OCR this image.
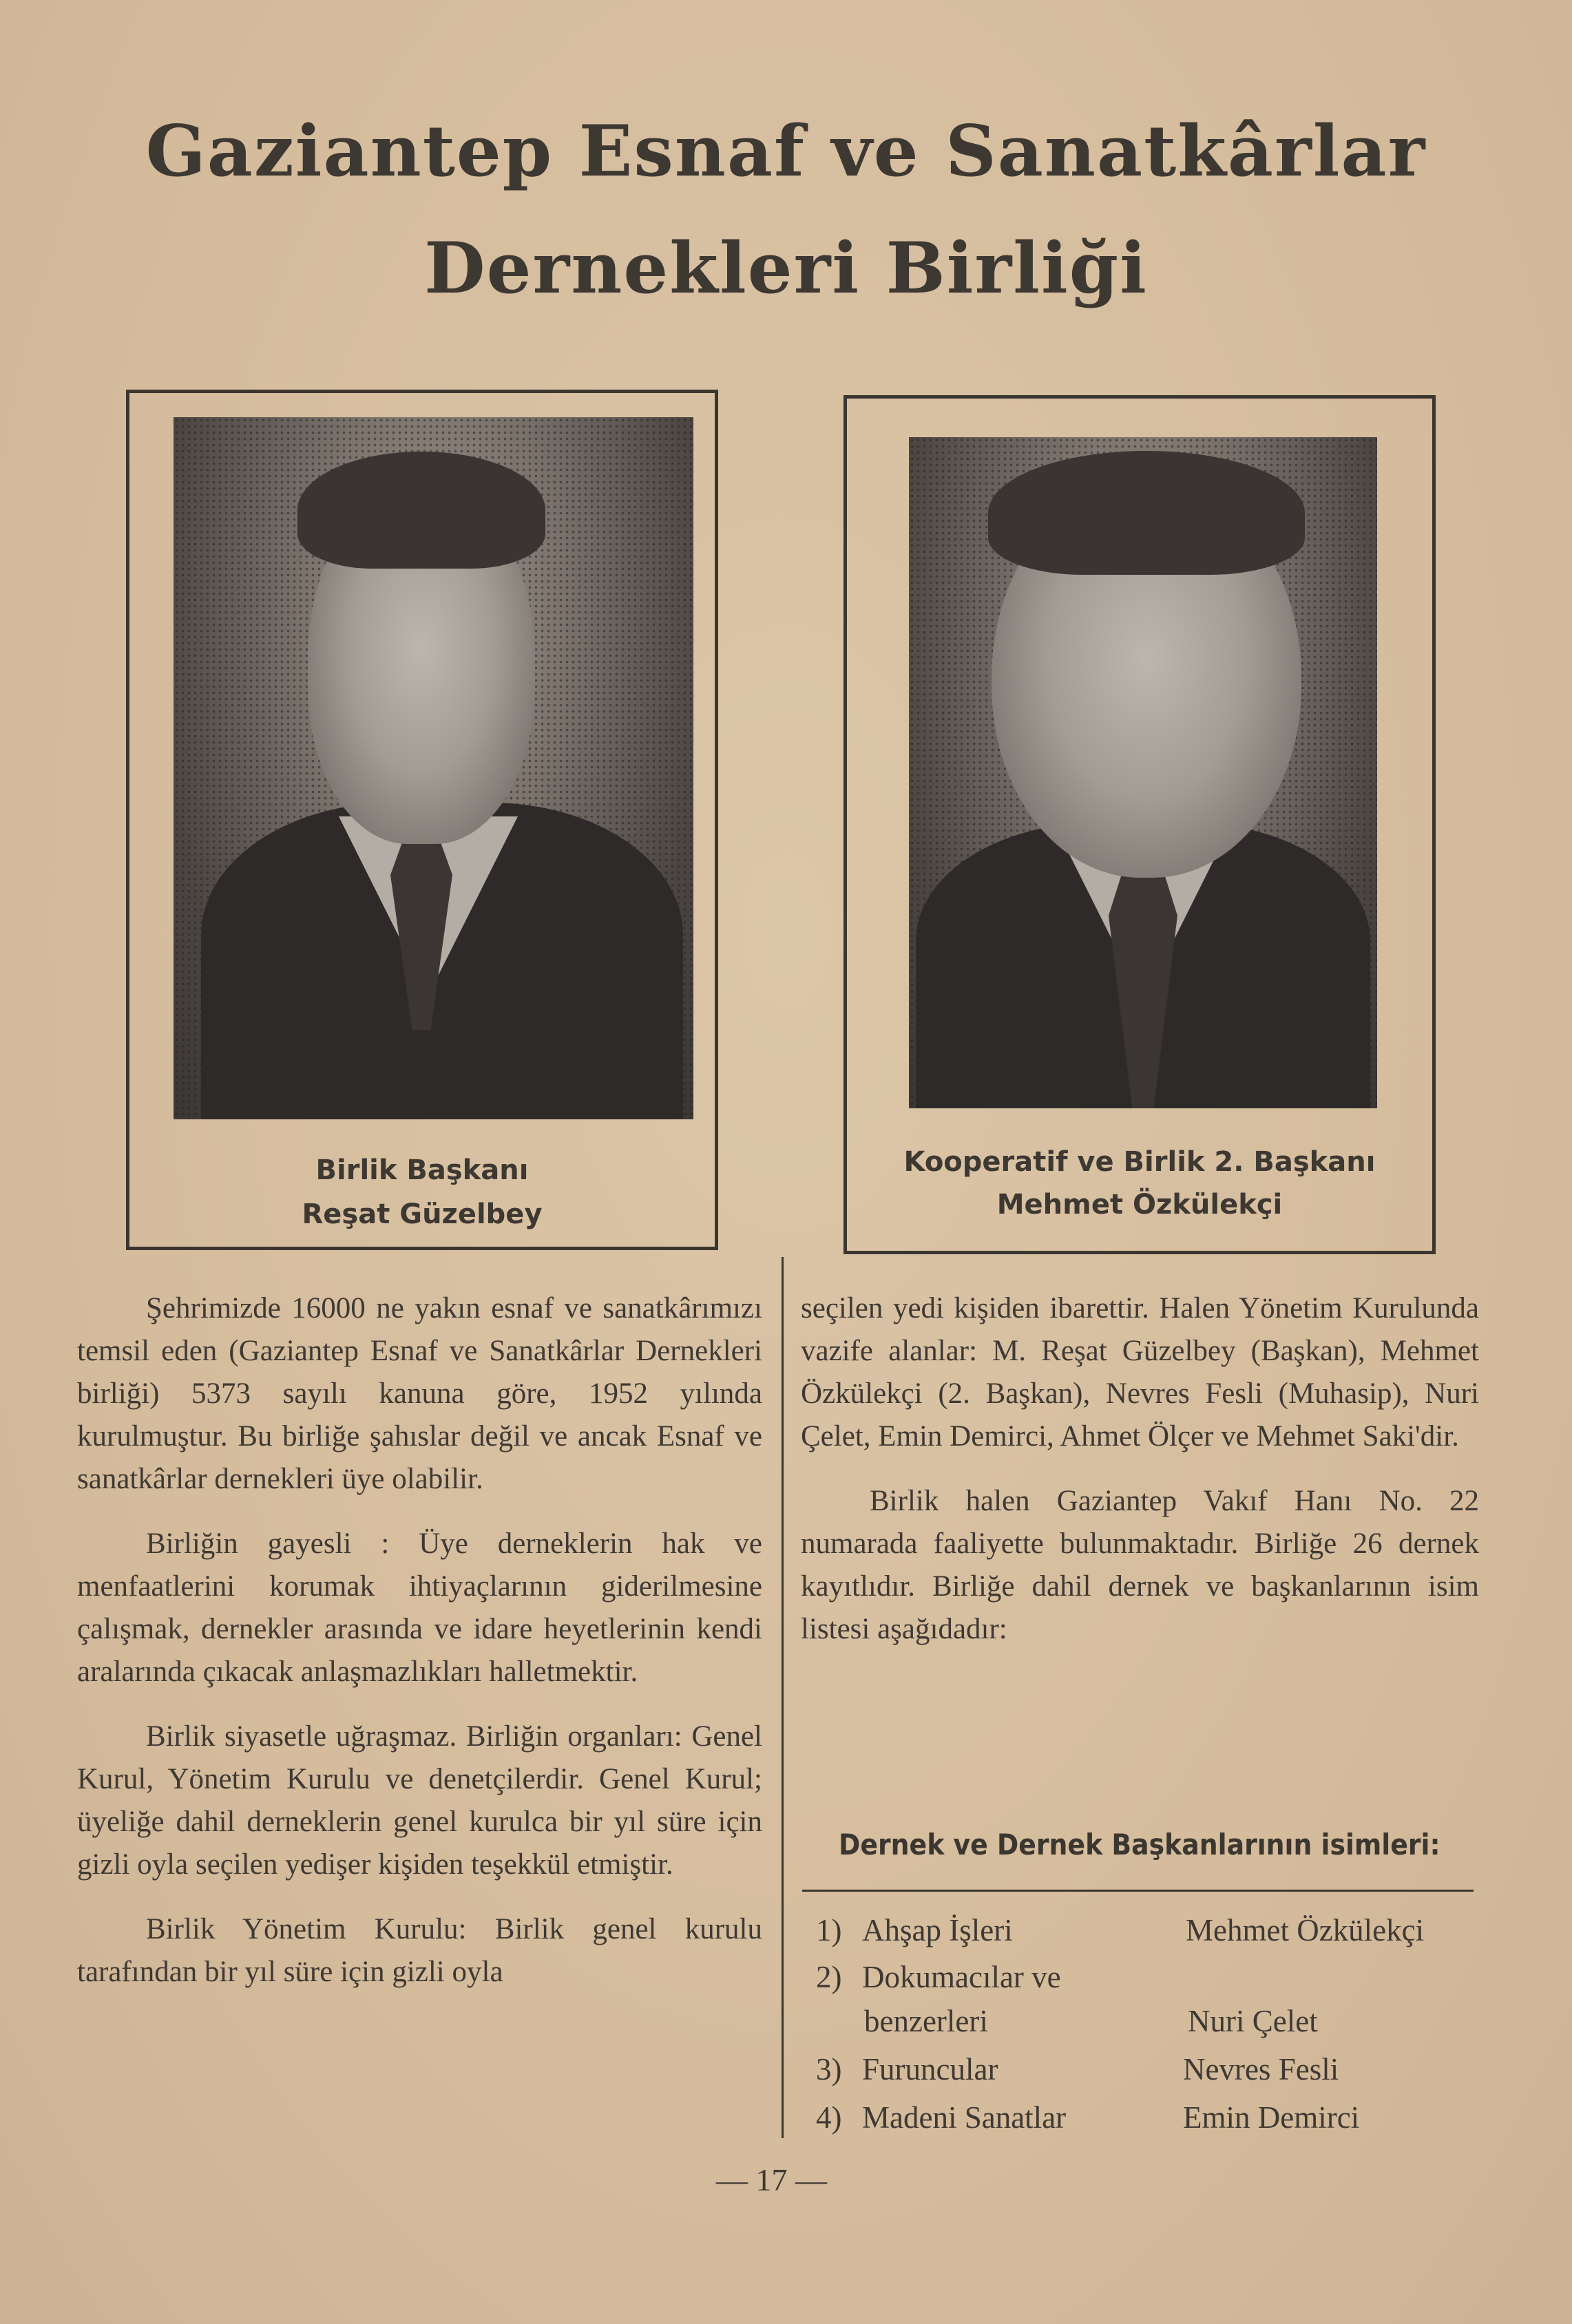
Gaziantep Esnaf ve Sanatkârlar
Dernekleri Birliği
Birlik Başkanı
Reşat Güzelbey
Kooperatif ve Birlik 2. Başkanı
Mehmet Özkülekçi

Şehrimizde 16000 ne yakın esnaf ve sanatkârımızı temsil eden (Gaziantep Esnaf ve Sanatkârlar Dernekleri birliği) 5373 sayılı kanuna göre, 1952 yılında kurulmuştur. Bu birliğe şahıslar değil ve ancak Esnaf ve sanatkârlar dernekleri üye olabilir.

Birliğin gayesli : Üye derneklerin hak ve menfaatlerini korumak ihtiyaçlarının giderilmesine çalışmak, dernekler arasında ve idare heyetlerinin kendi aralarında çıkacak anlaşmazlıkları halletmektir.

Birlik siyasetle uğraşmaz. Birliğin organları: Genel Kurul, Yönetim Kurulu ve denetçilerdir. Genel Kurul; üyeliğe dahil derneklerin genel kurulca bir yıl süre için gizli oyla seçilen yedişer kişiden teşekkül etmiştir.

Birlik Yönetim Kurulu: Birlik genel kurulu tarafından bir yıl süre için gizli oyla

seçilen yedi kişiden ibarettir. Halen Yönetim Kurulunda vazife alanlar: M. Reşat Güzelbey (Başkan), Mehmet Özkülekçi (2. Başkan), Nevres Fesli (Muhasip), Nuri Çelet, Emin Demirci, Ahmet Ölçer ve Mehmet Saki'dir.

Birlik halen Gaziantep Vakıf Hanı No. 22 numarada faaliyette bulunmaktadır. Birliğe 26 dernek kayıtlıdır. Birliğe dahil dernek ve başkanlarının isim listesi aşağıdadır:

Dernek ve Dernek Başkanlarının isimleri:
1) Ahşap İşleri	Mehmet Özkülekçi
2) Dokumacılar ve
benzerleri	Nuri Çelet
3) Furuncular	Nevres Fesli
4) Madeni Sanatlar	Emin Demirci
— 17 —
